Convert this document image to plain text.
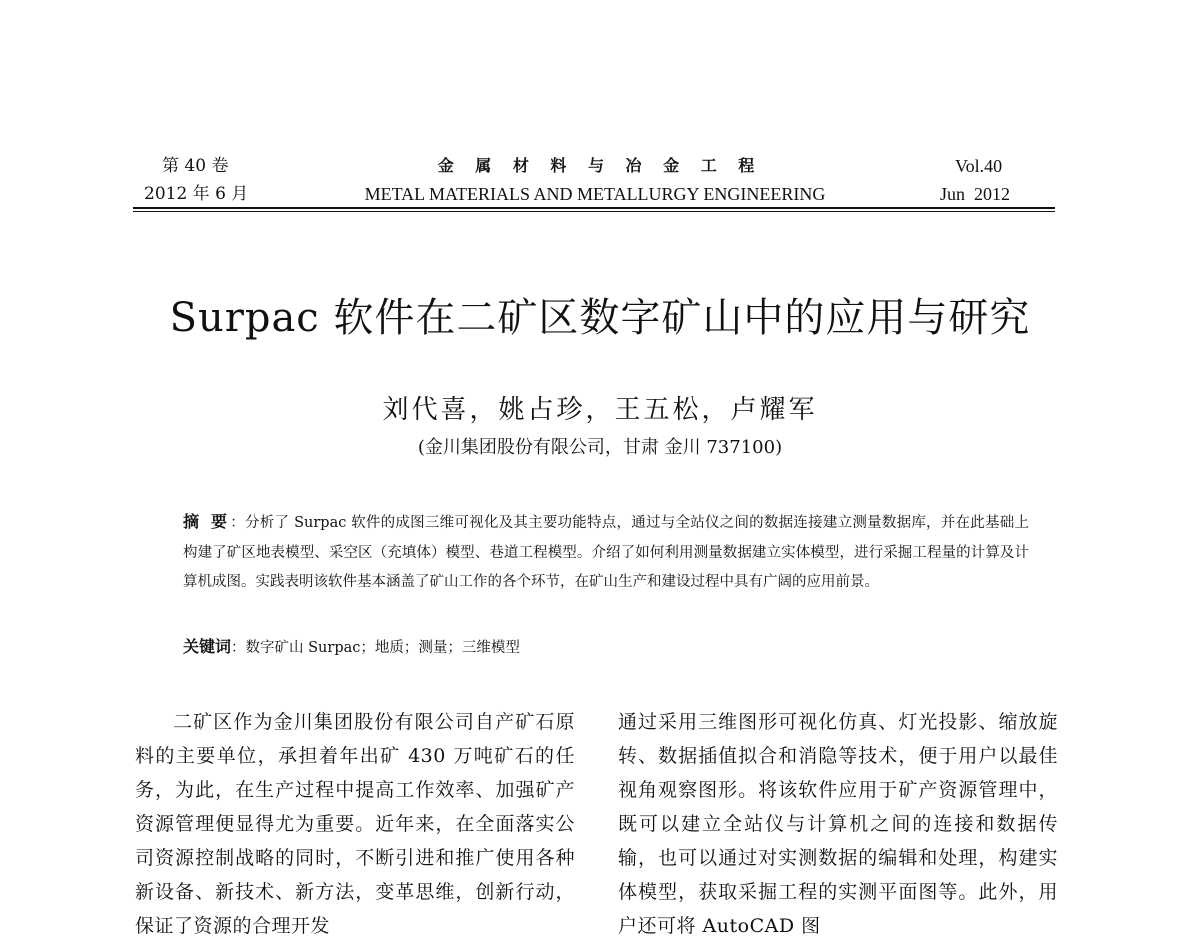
第 40 卷
2012 年 6 月
金 属 材 料 与 冶 金 工 程
METAL MATERIALS AND METALLURGY ENGINEERING
Vol.40
Jun  2012
Surpac 软件在二矿区数字矿山中的应用与研究
刘代喜，姚占珍，王五松，卢耀军
(金川集团股份有限公司，甘肃 金川 737100)
摘 要：分析了 Surpac 软件的成图三维可视化及其主要功能特点，通过与全站仪之间的数据连接建立测量数据库，并在此基础上构建了矿区地表模型、采空区（充填体）模型、巷道工程模型。介绍了如何利用测量数据建立实体模型，进行采掘工程量的计算及计算机成图。实践表明该软件基本涵盖了矿山工作的各个环节，在矿山生产和建设过程中具有广阔的应用前景。
关键词：数字矿山 Surpac；地质；测量；三维模型
二矿区作为金川集团股份有限公司自产矿石原料的主要单位，承担着年出矿 430 万吨矿石的任务，为此，在生产过程中提高工作效率、加强矿产资源管理便显得尤为重要。近年来，在全面落实公司资源控制战略的同时，不断引进和推广使用各种新设备、新技术、新方法，变革思维，创新行动，保证了资源的合理开发
通过采用三维图形可视化仿真、灯光投影、缩放旋转、数据插值拟合和消隐等技术，便于用户以最佳视角观察图形。将该软件应用于矿产资源管理中，既可以建立全站仪与计算机之间的连接和数据传输，也可以通过对实测数据的编辑和处理，构建实体模型，获取采掘工程的实测平面图等。此外，用户还可将 AutoCAD 图
